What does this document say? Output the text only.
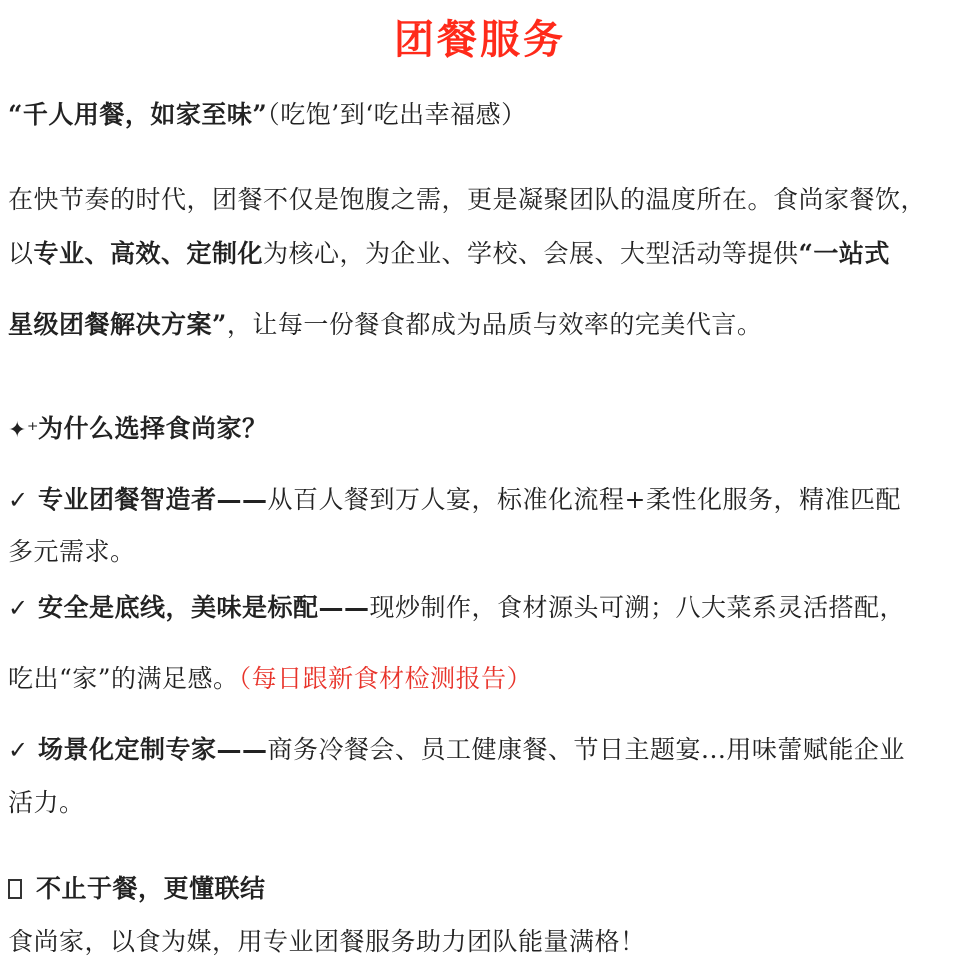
团餐服务
“千人用餐，如家至味”（吃饱’到‘吃出幸福感）
在快节奏的时代，团餐不仅是饱腹之需，更是凝聚团队的温度所在。食尚家餐饮，
以专业、高效、定制化为核心，为企业、学校、会展、大型活动等提供“一站式
星级团餐解决方案”，让每一份餐食都成为品质与效率的完美代言。
✦⁺为什么选择食尚家？
✓ 专业团餐智造者——从百人餐到万人宴，标准化流程+柔性化服务，精准匹配
多元需求。
✓ 安全是底线，美味是标配——现炒制作，食材源头可溯；八大菜系灵活搭配，
吃出“家”的满足感。（每日跟新食材检测报告）
✓ 场景化定制专家——商务冷餐会、员工健康餐、节日主题宴...用味蕾赋能企业
活力。
不止于餐，更懂联结
食尚家，以食为媒，用专业团餐服务助力团队能量满格！
